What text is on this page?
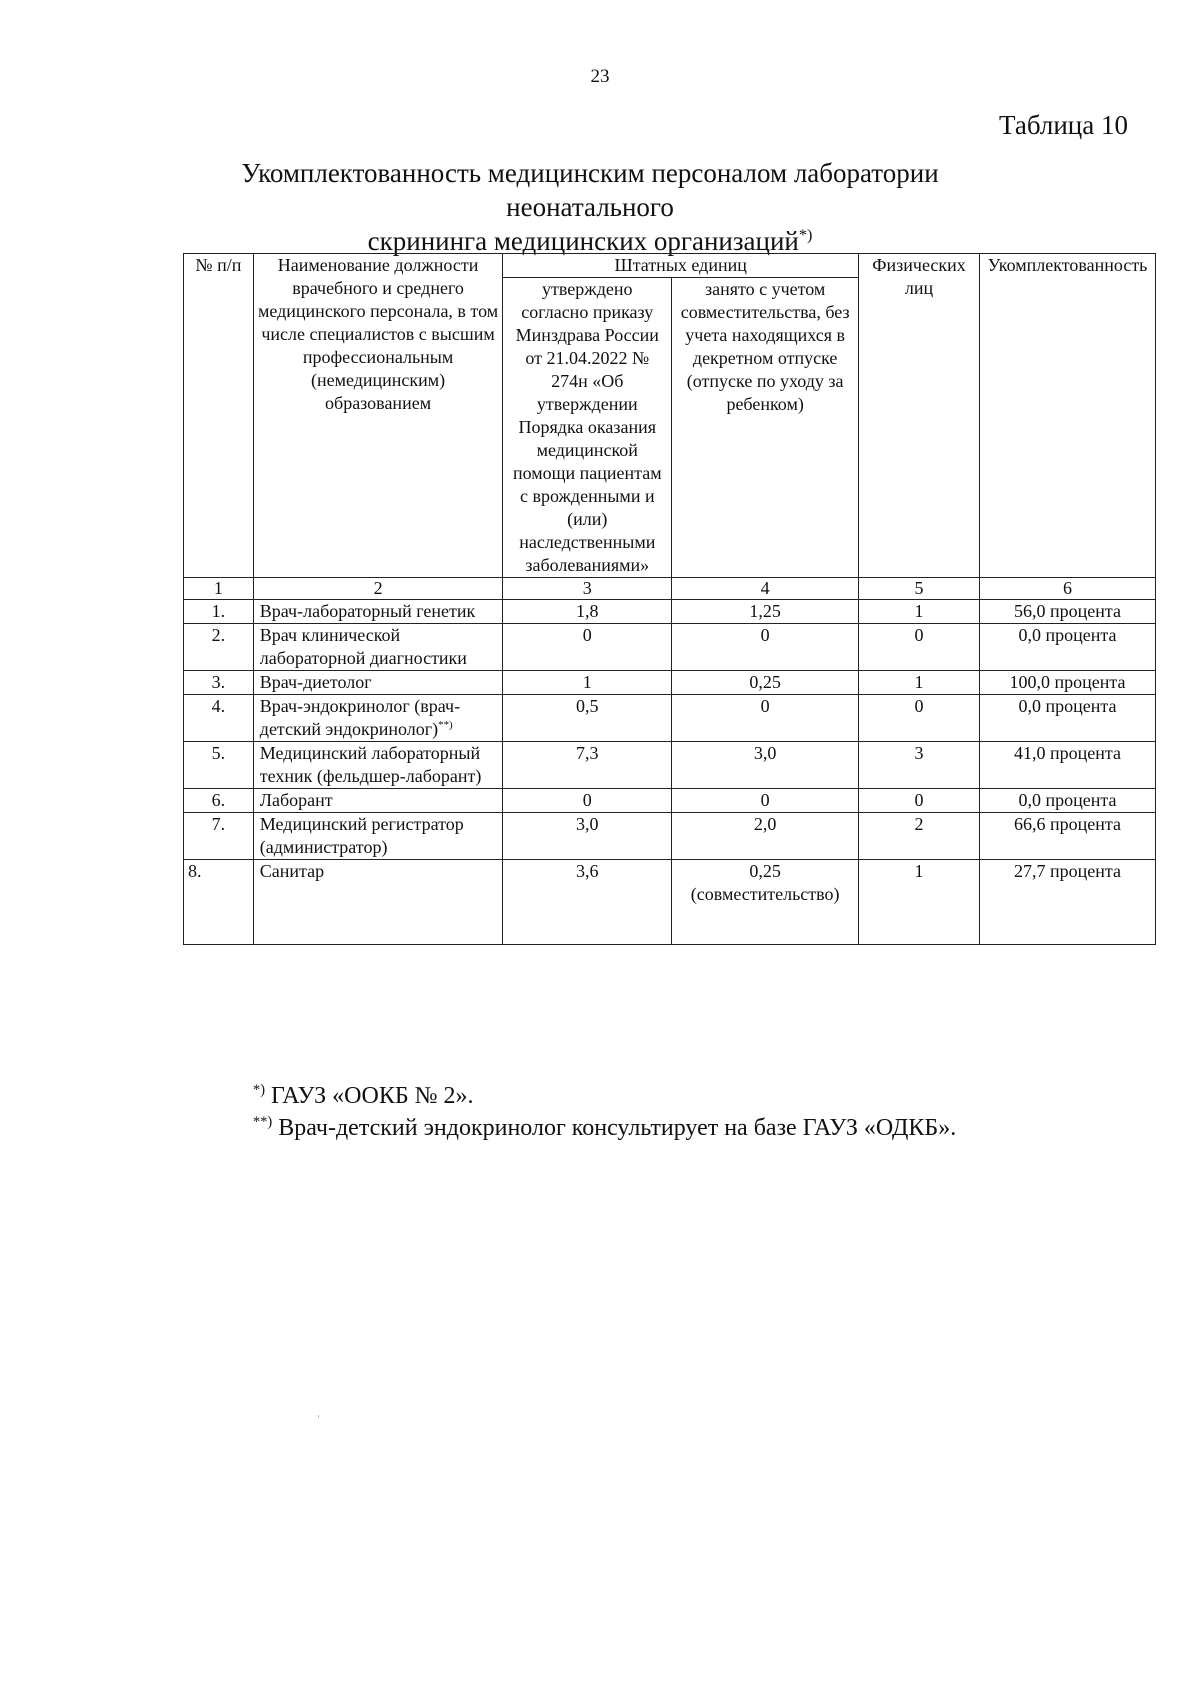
23
Таблица 10
Укомплектованность медицинским персоналом лаборатории неонатального
скрининга медицинских организаций*)
№ п/п	Наименование должности врачебного и среднего медицинского персонала, в том числе специалистов с высшим профессиональным (немедицинским) образованием	Штатных единиц		Физических лиц	Укомплектованность
		утверждено согласно приказу Минздрава России от 21.04.2022 № 274н «Об утверждении Порядка оказания медицинской помощи пациентам с врожденными и (или) наследственными заболеваниями»	занято с учетом совместительства, без учета находящихся в декретном отпуске (отпуске по уходу за ребенком)		
1	2	3	4	5	6
1.	Врач-лабораторный генетик	1,8	1,25	1	56,0 процента
2.	Врач клинической лабораторной диагностики	0	0	0	0,0 процента
3.	Врач-диетолог	1	0,25	1	100,0 процента
4.	Врач-эндокринолог (врач-детский эндокринолог)**)	0,5	0	0	0,0 процента
5.	Медицинский лабораторный техник (фельдшер-лаборант)	7,3	3,0	3	41,0 процента
6.	Лаборант	0	0	0	0,0 процента
7.	Медицинский регистратор (администратор)	3,0	2,0	2	66,6 процента
8.	Санитар	3,6	0,25 (совместительство)	1	27,7 процента
*) ГАУЗ «ООКБ № 2».
**) Врач-детский эндокринолог консультирует на базе ГАУЗ «ОДКБ».
